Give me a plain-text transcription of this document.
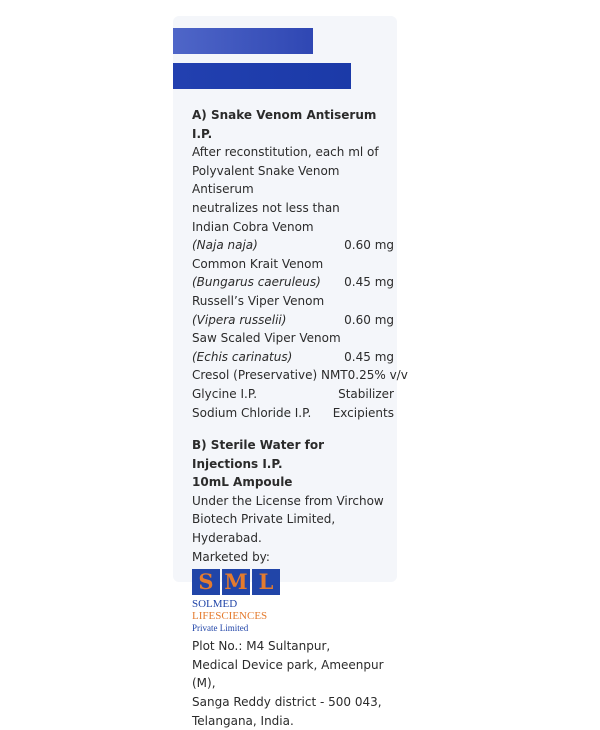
A) Snake Venom Antiserum I.P.
After reconstitution, each ml of
Polyvalent Snake Venom Antiserum
neutralizes not less than
Indian Cobra Venom
(Naja naja)	0.60 mg
Common Krait Venom
(Bungarus caeruleus) 0.45 mg
Russell’s Viper Venom
(Vipera russelii)	0.60 mg
Saw Scaled Viper Venom
(Echis carinatus)	0.45 mg
Cresol (Preservative) NMT 0.25% v/v
Glycine I.P.	Stabilizer
Sodium Chloride I.P. Excipients
B) Sterile Water for Injections I.P.
10mL Ampoule
Under the License from Virchow
Biotech Private Limited, Hyderabad.
Marketed by:
S M L
SOLMED
LIFESCIENCES
Private Limited
Plot No.: M4 Sultanpur,
Medical Device park, Ameenpur (M),
Sanga Reddy district - 500 043,
Telangana, India.
